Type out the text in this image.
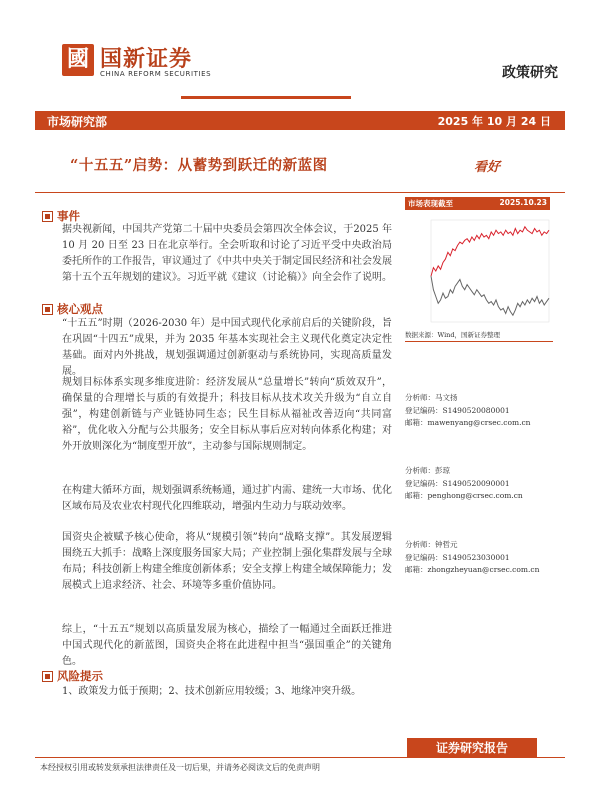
國 国新证券
CHINA REFORM SECURITIES	政策研究
市场研究部	2025 年 10 月 24 日
“十五五”启势：从蓄势到跃迁的新蓝图	看好
事件
据央视新闻，中国共产党第二十届中央委员会第四次全体会议，于2025 年 10 月 20 日至 23 日在北京举行。全会听取和讨论了习近平受中央政治局委托所作的工作报告，审议通过了《中共中央关于制定国民经济和社会发展第十五个五年规划的建议》。习近平就《建议（讨论稿）》向全会作了说明。
核心观点
“十五五”时期（2026-2030 年）是中国式现代化承前启后的关键阶段，旨在巩固“十四五”成果，并为 2035 年基本实现社会主义现代化奠定决定性基础。面对内外挑战，规划强调通过创新驱动与系统协同，实现高质量发展。
规划目标体系实现多维度进阶：经济发展从“总量增长”转向“质效双升”，确保量的合理增长与质的有效提升；科技目标从技术攻关升级为“自立自强”，构建创新链与产业链协同生态；民生目标从福祉改善迈向“共同富裕”，优化收入分配与公共服务；安全目标从事后应对转向体系化构建；对外开放则深化为“制度型开放”，主动参与国际规则制定。
在构建大循环方面，规划强调系统畅通，通过扩内需、建统一大市场、优化区域布局及农业农村现代化四维联动，增强内生动力与联动效率。
国资央企被赋予核心使命，将从“规模引领”转向“战略支撑”。其发展逻辑围绕五大抓手：战略上深度服务国家大局；产业控制上强化集群发展与全球布局；科技创新上构建全维度创新体系；安全支撑上构建全域保障能力；发展模式上追求经济、社会、环境等多重价值协同。
综上，“十五五”规划以高质量发展为核心，描绘了一幅通过全面跃迁推进中国式现代化的新蓝图，国资央企将在此进程中担当“强国重企”的关键角色。
风险提示
1、政策发力低于预期；2、技术创新应用较缓；3、地缘冲突升级。
市场表现截至	2025.10.23
数据来源：Wind，国新证券整理
分析师：马文扬
登记编码：S1490520080001
邮箱：mawenyang@crsec.com.cn
分析师：彭琼
登记编码：S1490520090001
邮箱：penghong@crsec.com.cn
分析师：钟哲元
登记编码：S1490523030001
邮箱：zhongzheyuan@crsec.com.cn
证券研究报告
本经授权引用或转发须承担法律责任及一切后果，并请务必阅读文后的免责声明
